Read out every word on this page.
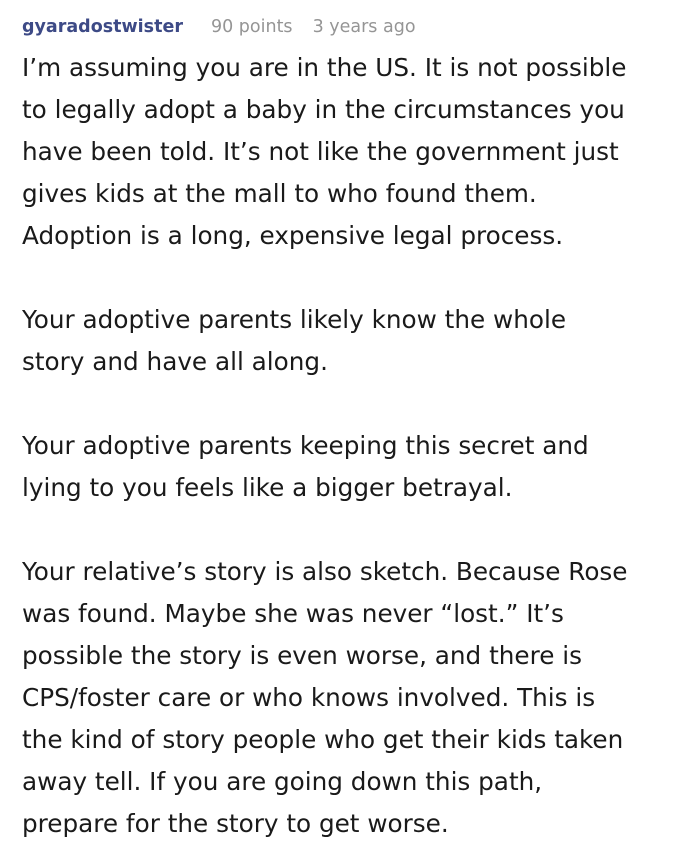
gyaradostwister 90 points 3 years ago

I’m assuming you are in the US. It is not possible
to legally adopt a baby in the circumstances you
have been told. It’s not like the government just
gives kids at the mall to who found them.
Adoption is a long, expensive legal process.

Your adoptive parents likely know the whole
story and have all along.

Your adoptive parents keeping this secret and
lying to you feels like a bigger betrayal.

Your relative’s story is also sketch. Because Rose
was found. Maybe she was never “lost.” It’s
possible the story is even worse, and there is
CPS/foster care or who knows involved. This is
the kind of story people who get their kids taken
away tell. If you are going down this path,
prepare for the story to get worse.
